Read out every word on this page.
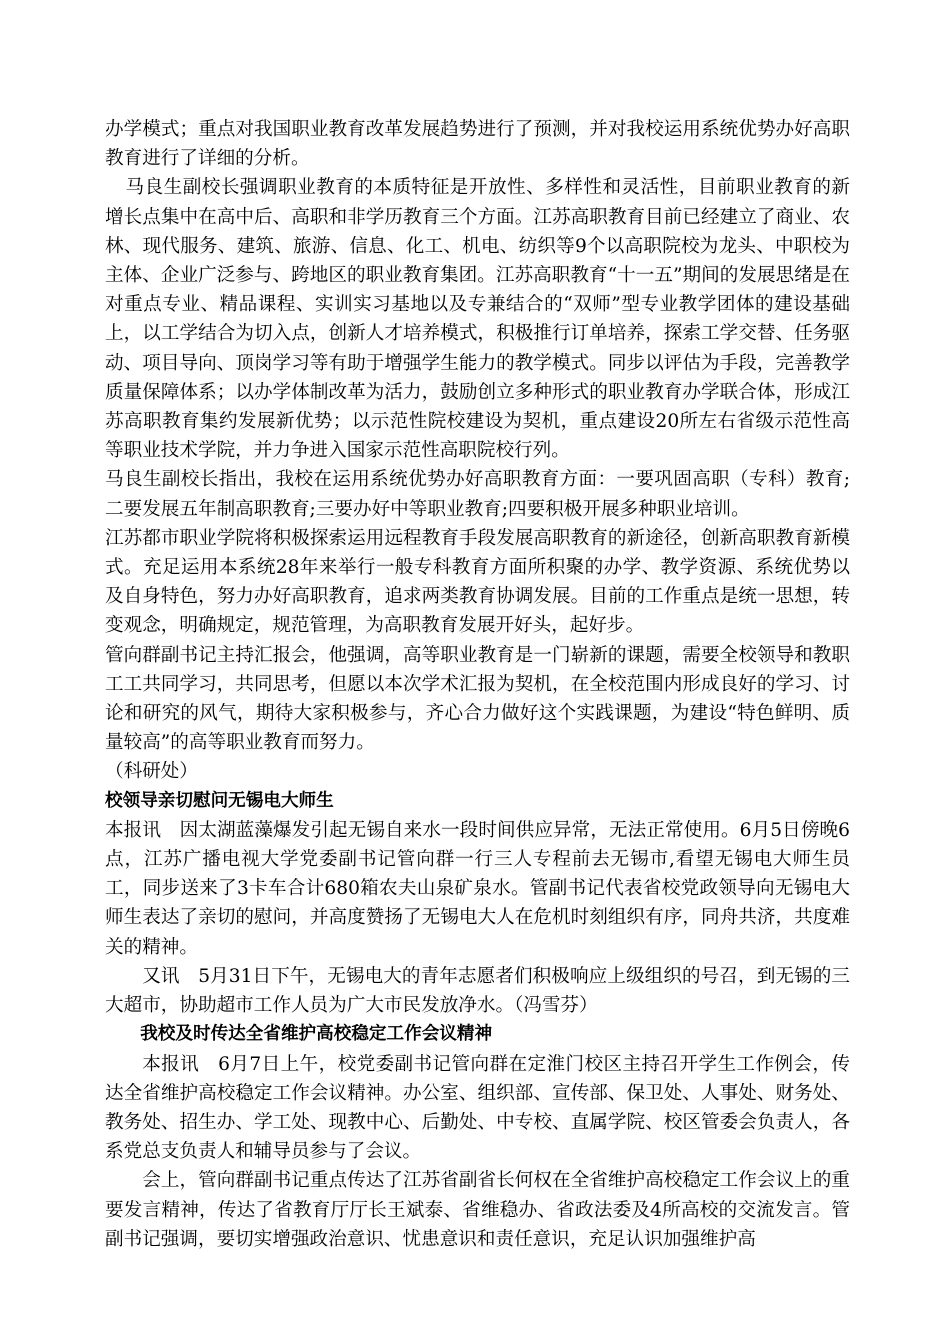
办学模式；重点对我国职业教育改革发展趋势进行了预测，并对我校运用系统优势办好高职教育进行了详细的分析。

马良生副校长强调职业教育的本质特征是开放性、多样性和灵活性，目前职业教育的新增长点集中在高中后、高职和非学历教育三个方面。江苏高职教育目前已经建立了商业、农林、现代服务、建筑、旅游、信息、化工、机电、纺织等9个以高职院校为龙头、中职校为主体、企业广泛参与、跨地区的职业教育集团。江苏高职教育“十一五”期间的发展思绪是在对重点专业、精品课程、实训实习基地以及专兼结合的“双师”型专业教学团体的建设基础上，以工学结合为切入点，创新人才培养模式，积极推行订单培养，探索工学交替、任务驱动、项目导向、顶岗学习等有助于增强学生能力的教学模式。同步以评估为手段，完善教学质量保障体系；以办学体制改革为活力，鼓励创立多种形式的职业教育办学联合体，形成江苏高职教育集约发展新优势；以示范性院校建设为契机，重点建设20所左右省级示范性高等职业技术学院，并力争进入国家示范性高职院校行列。

马良生副校长指出，我校在运用系统优势办好高职教育方面：一要巩固高职（专科）教育;二要发展五年制高职教育;三要办好中等职业教育;四要积极开展多种职业培训。

江苏都市职业学院将积极探索运用远程教育手段发展高职教育的新途径，创新高职教育新模式。充足运用本系统28年来举行一般专科教育方面所积聚的办学、教学资源、系统优势以及自身特色，努力办好高职教育，追求两类教育协调发展。目前的工作重点是统一思想，转变观念，明确规定，规范管理，为高职教育发展开好头，起好步。

管向群副书记主持汇报会，他强调，高等职业教育是一门崭新的课题，需要全校领导和教职工工共同学习，共同思考，但愿以本次学术汇报为契机，在全校范围内形成良好的学习、讨论和研究的风气，期待大家积极参与，齐心合力做好这个实践课题，为建设“特色鲜明、质量较高”的高等职业教育而努力。

（科研处）

校领导亲切慰问无锡电大师生

本报讯　因太湖蓝藻爆发引起无锡自来水一段时间供应异常，无法正常使用。6月5日傍晚6点，江苏广播电视大学党委副书记管向群一行三人专程前去无锡市,看望无锡电大师生员工，同步送来了3卡车合计680箱农夫山泉矿泉水。管副书记代表省校党政领导向无锡电大师生表达了亲切的慰问，并高度赞扬了无锡电大人在危机时刻组织有序，同舟共济，共度难关的精神。

又讯　5月31日下午，无锡电大的青年志愿者们积极响应上级组织的号召，到无锡的三大超市，协助超市工作人员为广大市民发放净水。（冯雪芬）

我校及时传达全省维护高校稳定工作会议精神

本报讯　6月7日上午，校党委副书记管向群在定淮门校区主持召开学生工作例会，传达全省维护高校稳定工作会议精神。办公室、组织部、宣传部、保卫处、人事处、财务处、教务处、招生办、学工处、现教中心、后勤处、中专校、直属学院、校区管委会负责人，各系党总支负责人和辅导员参与了会议。

会上，管向群副书记重点传达了江苏省副省长何权在全省维护高校稳定工作会议上的重要发言精神，传达了省教育厅厅长王斌泰、省维稳办、省政法委及4所高校的交流发言。管副书记强调，要切实增强政治意识、忧患意识和责任意识，充足认识加强维护高
